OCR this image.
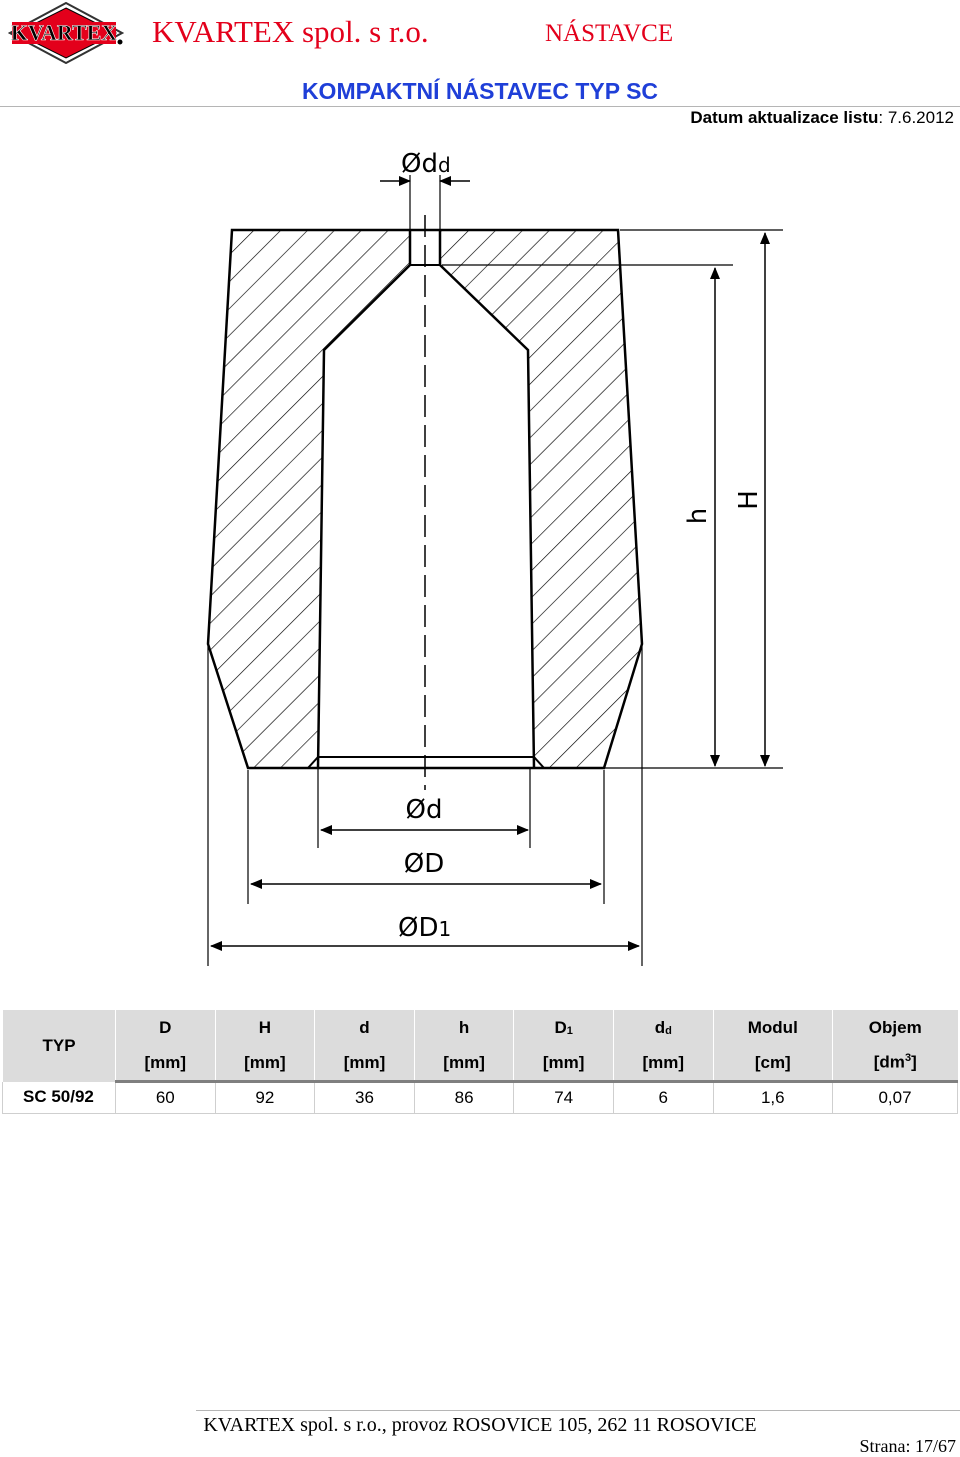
KVARTEX KVARTEX spol. s r.o.	NÁSTAVCE
KOMPAKTNÍ NÁSTAVEC TYP SC
Datum aktualizace listu: 7.6.2012
Ødd
h
H
Ød
ØD
ØD1
TYP	D	H	d	h	$D_1$	$d_d$	Modul	Objem
	[mm]	[mm]	[mm]	[mm]	[mm]	[mm]	[cm]	$[dm^3]$
SC 50/92	60	92	36	86	74	6	1,6	0,07
KVARTEX spol. s r.o., provoz ROSOVICE 105, 262 11 ROSOVICE
Strana: 17/67
